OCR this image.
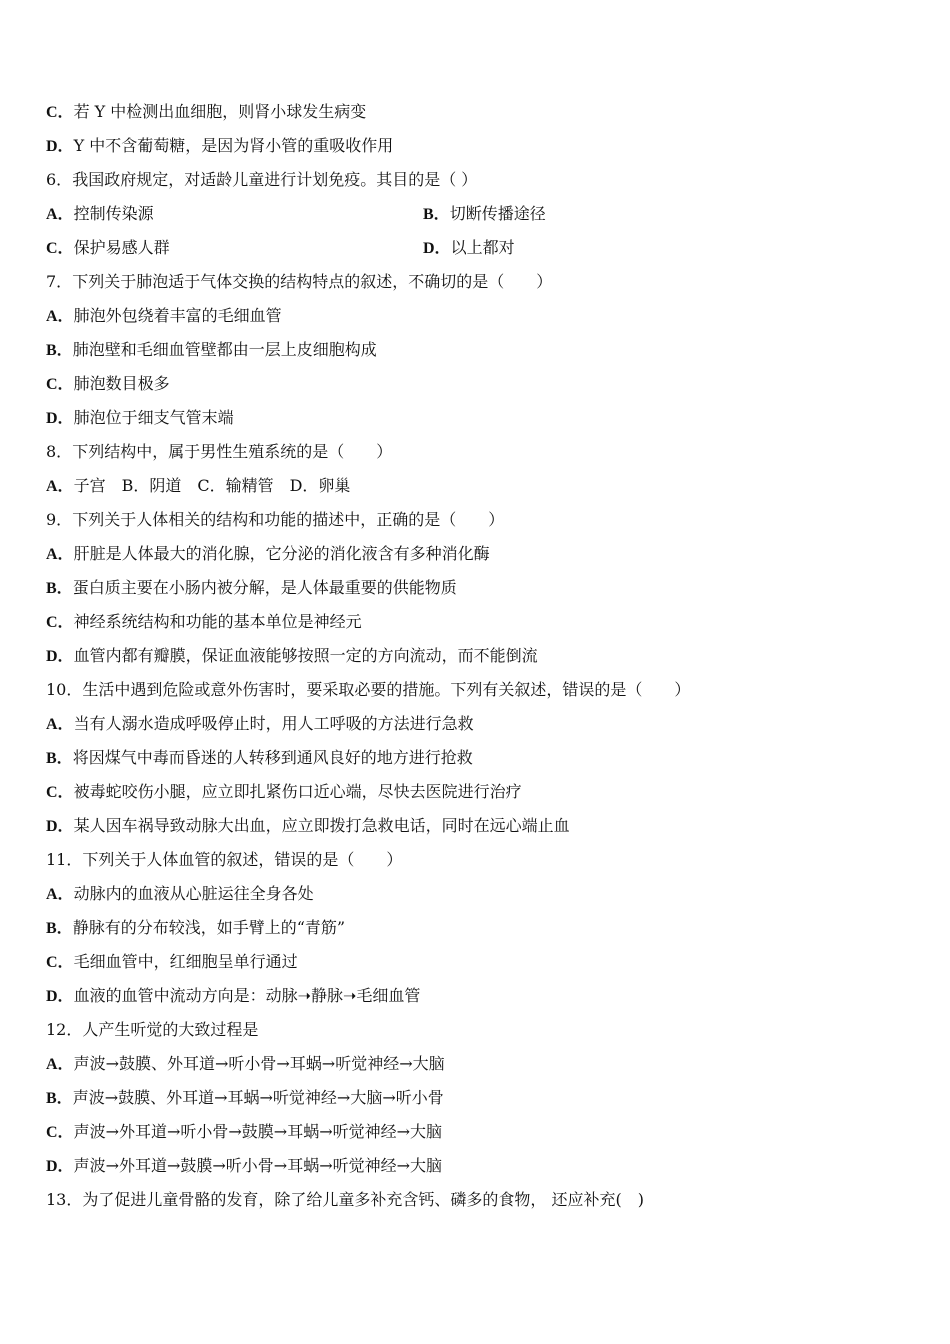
C．若 Y 中检测出血细胞，则肾小球发生病变
D．Y 中不含葡萄糖，是因为肾小管的重吸收作用
6．我国政府规定，对适龄儿童进行计划免疫。其目的是（ ）
A．控制传染源	B．切断传播途径
C．保护易感人群	D．以上都对
7．下列关于肺泡适于气体交换的结构特点的叙述，不确切的是（　　）
A．肺泡外包绕着丰富的毛细血管
B．肺泡壁和毛细血管壁都由一层上皮细胞构成
C．肺泡数目极多
D．肺泡位于细支气管末端
8．下列结构中，属于男性生殖系统的是（　　）
A．子宫　B．阴道　C．输精管　D．卵巢
9．下列关于人体相关的结构和功能的描述中，正确的是（　　）
A．肝脏是人体最大的消化腺，它分泌的消化液含有多种消化酶
B．蛋白质主要在小肠内被分解，是人体最重要的供能物质
C．神经系统结构和功能的基本单位是神经元
D．血管内都有瓣膜，保证血液能够按照一定的方向流动，而不能倒流
10．生活中遇到危险或意外伤害时，要采取必要的措施。下列有关叙述，错误的是（　　）
A．当有人溺水造成呼吸停止时，用人工呼吸的方法进行急救
B．将因煤气中毒而昏迷的人转移到通风良好的地方进行抢救
C．被毒蛇咬伤小腿，应立即扎紧伤口近心端，尽快去医院进行治疗
D．某人因车祸导致动脉大出血，应立即拨打急救电话，同时在远心端止血
11．下列关于人体血管的叙述，错误的是（　　）
A．动脉内的血液从心脏运往全身各处
B．静脉有的分布较浅，如手臂上的“青筋”
C．毛细血管中，红细胞呈单行通过
D．血液的血管中流动方向是：动脉➝静脉➝毛细血管
12．人产生听觉的大致过程是
A．声波→鼓膜、外耳道→听小骨→耳蜗→听觉神经→大脑
B．声波→鼓膜、外耳道→耳蜗→听觉神经→大脑→听小骨
C．声波→外耳道→听小骨→鼓膜→耳蜗→听觉神经→大脑
D．声波→外耳道→鼓膜→听小骨→耳蜗→听觉神经→大脑
13．为了促进儿童骨骼的发育，除了给儿童多补充含钙、磷多的食物， 还应补充(　)
